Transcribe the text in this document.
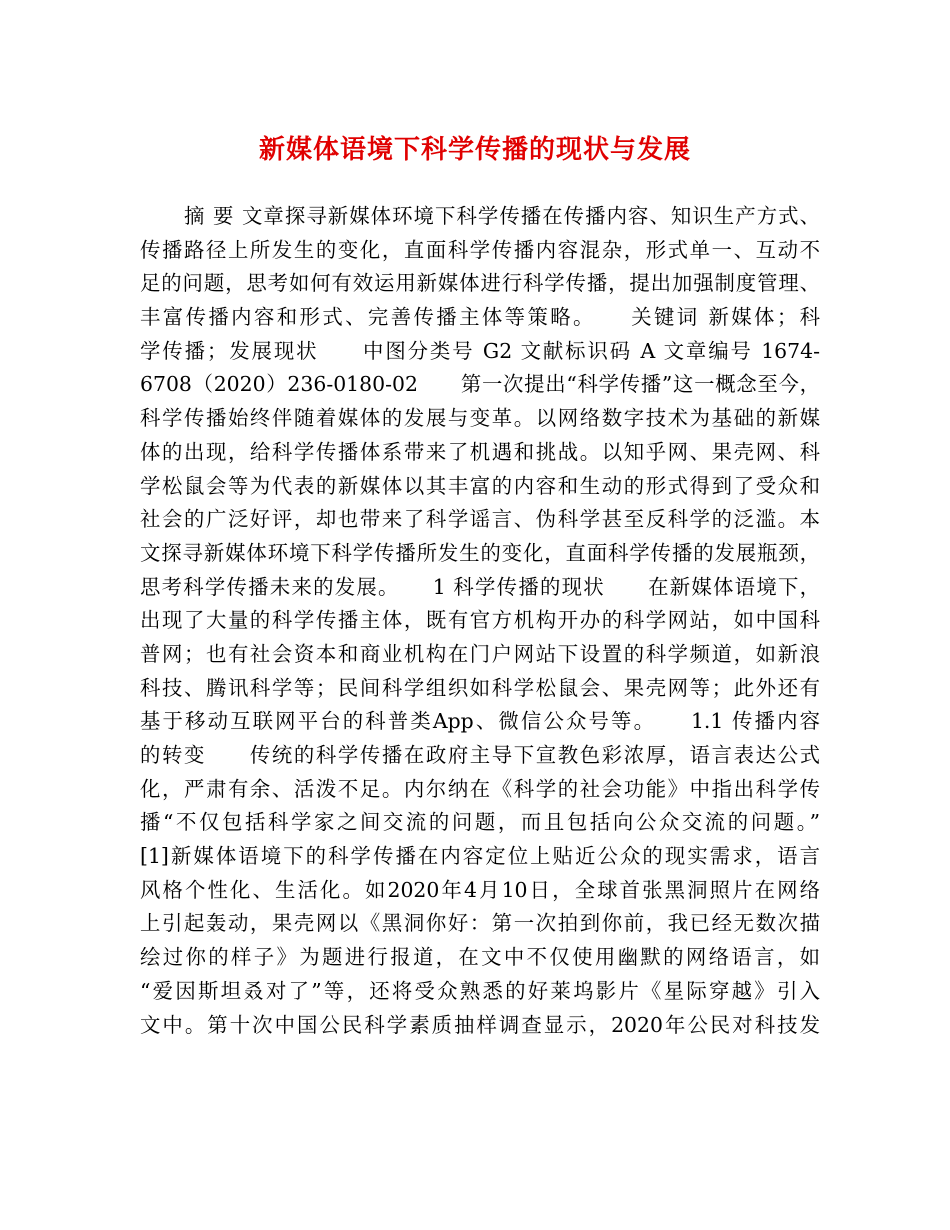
新媒体语境下科学传播的现状与发展
摘 要 文章探寻新媒体环境下科学传播在传播内容、知识生产方式、
传播路径上所发生的变化，直面科学传播内容混杂，形式单一、互动不
足的问题，思考如何有效运用新媒体进行科学传播，提出加强制度管理、
丰富传播内容和形式、完善传播主体等策略。　　关键词 新媒体；科
学传播；发展现状　　中图分类号 G2 文献标识码 A 文章编号 1674-
6708（2020）236-0180-02　　第一次提出“科学传播”这一概念至今，
科学传播始终伴随着媒体的发展与变革。以网络数字技术为基础的新媒
体的出现，给科学传播体系带来了机遇和挑战。以知乎网、果壳网、科
学松鼠会等为代表的新媒体以其丰富的内容和生动的形式得到了受众和
社会的广泛好评，却也带来了科学谣言、伪科学甚至反科学的泛滥。本
文探寻新媒体环境下科学传播所发生的变化，直面科学传播的发展瓶颈，
思考科学传播未来的发展。　　1 科学传播的现状　　在新媒体语境下，
出现了大量的科学传播主体，既有官方机构开办的科学网站，如中国科
普网；也有社会资本和商业机构在门户网站下设置的科学频道，如新浪
科技、腾讯科学等；民间科学组织如科学松鼠会、果壳网等；此外还有
基于移动互联网平台的科普类App、微信公众号等。　　1.1 传播内容
的转变　　传统的科学传播在政府主导下宣教色彩浓厚，语言表达公式
化，严肃有余、活泼不足。内尔纳在《科学的社会功能》中指出科学传
播“不仅包括科学家之间交流的问题，而且包括向公众交流的问题。”
[1]新媒体语境下的科学传播在内容定位上贴近公众的现实需求，语言
风格个性化、生活化。如2020年4月10日，全球首张黑洞照片在网络
上引起轰动，果壳网以《黑洞你好：第一次拍到你前，我已经无数次描
绘过你的样子》为题进行报道，在文中不仅使用幽默的网络语言，如
“爱因斯坦叒对了”等，还将受众熟悉的好莱坞影片《星际穿越》引入
文中。第十次中国公民科学素质抽样调查显示，2020年公民对科技发
